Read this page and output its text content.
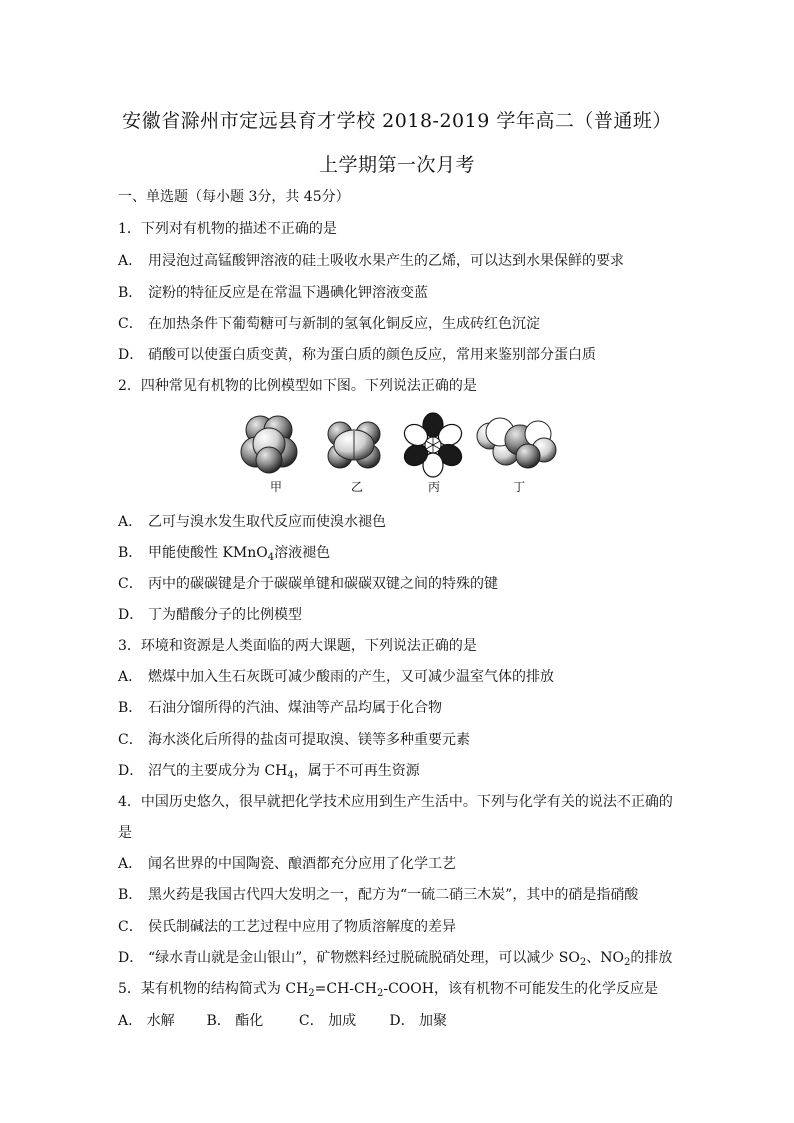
安徽省滁州市定远县育才学校 2018-2019 学年高二（普通班）
上学期第一次月考
一、单选题（每小题 3分，共 45分）
1．下列对有机物的描述不正确的是
A． 用浸泡过高锰酸钾溶液的硅土吸收水果产生的乙烯，可以达到水果保鲜的要求
B． 淀粉的特征反应是在常温下遇碘化钾溶液变蓝
C． 在加热条件下葡萄糖可与新制的氢氧化铜反应，生成砖红色沉淀
D． 硝酸可以使蛋白质变黄，称为蛋白质的颜色反应，常用来鉴别部分蛋白质
2．四种常见有机物的比例模型如下图。下列说法正确的是
甲	乙	丙	丁
A． 乙可与溴水发生取代反应而使溴水褪色
B． 甲能使酸性 KMnO$_4$溶液褪色
C． 丙中的碳碳键是介于碳碳单键和碳碳双键之间的特殊的键
D． 丁为醋酸分子的比例模型
3．环境和资源是人类面临的两大课题，下列说法正确的是
A． 燃煤中加入生石灰既可减少酸雨的产生，又可减少温室气体的排放
B． 石油分馏所得的汽油、煤油等产品均属于化合物
C． 海水淡化后所得的盐卤可提取溴、镁等多种重要元素
D． 沼气的主要成分为 $CH_4$，属于不可再生资源
4．中国历史悠久，很早就把化学技术应用到生产生活中。下列与化学有关的说法不正确的
是
A． 闻名世界的中国陶瓷、酿酒都充分应用了化学工艺
B． 黑火药是我国古代四大发明之一，配方为“一硫二硝三木炭”，其中的硝是指硝酸
C． 侯氏制碱法的工艺过程中应用了物质溶解度的差异
D． “绿水青山就是金山银山”，矿物燃料经过脱硫脱硝处理，可以减少 $SO_2$、$NO_2$的排放
5．某有机物的结构简式为 $CH_2=CH-CH_2$-COOH，该有机物不可能发生的化学反应是
A． 水解 B． 酯化	C． 加成 D． 加聚
